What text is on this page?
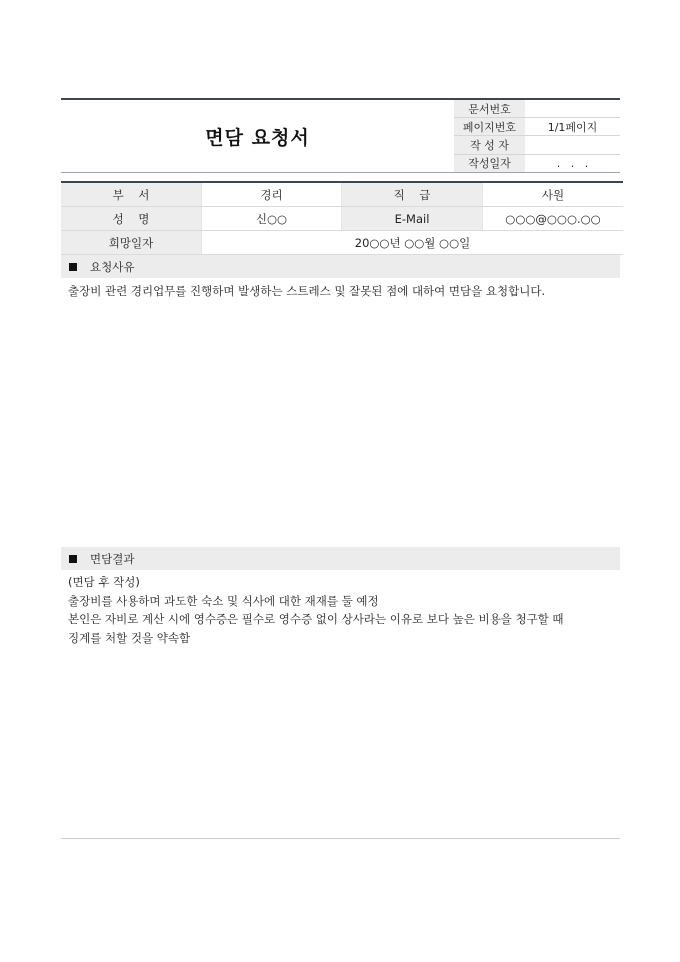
면담 요청서
문서번호	
페이지번호	1/1페이지
작 성 자	
작성일자	.   .   .
부    서	경리	직    급	사원
성    명	신○○	E-Mail	○○○@○○○.○○
희망일자	20○○년 ○○월 ○○일		
요청사유

출장비 관련 경리업무를 진행하며 발생하는 스트레스 및 잘못된 점에 대하여 면담을 요청합니다.

면담결과

(면담 후 작성)

출장비를 사용하며 과도한 숙소 및 식사에 대한 재재를 둘 예정

본인은 자비로 계산 시에 영수증은 필수로 영수증 없이 상사라는 이유로 보다 높은 비용을 청구할 때

징계를 처할 것을 약속함
